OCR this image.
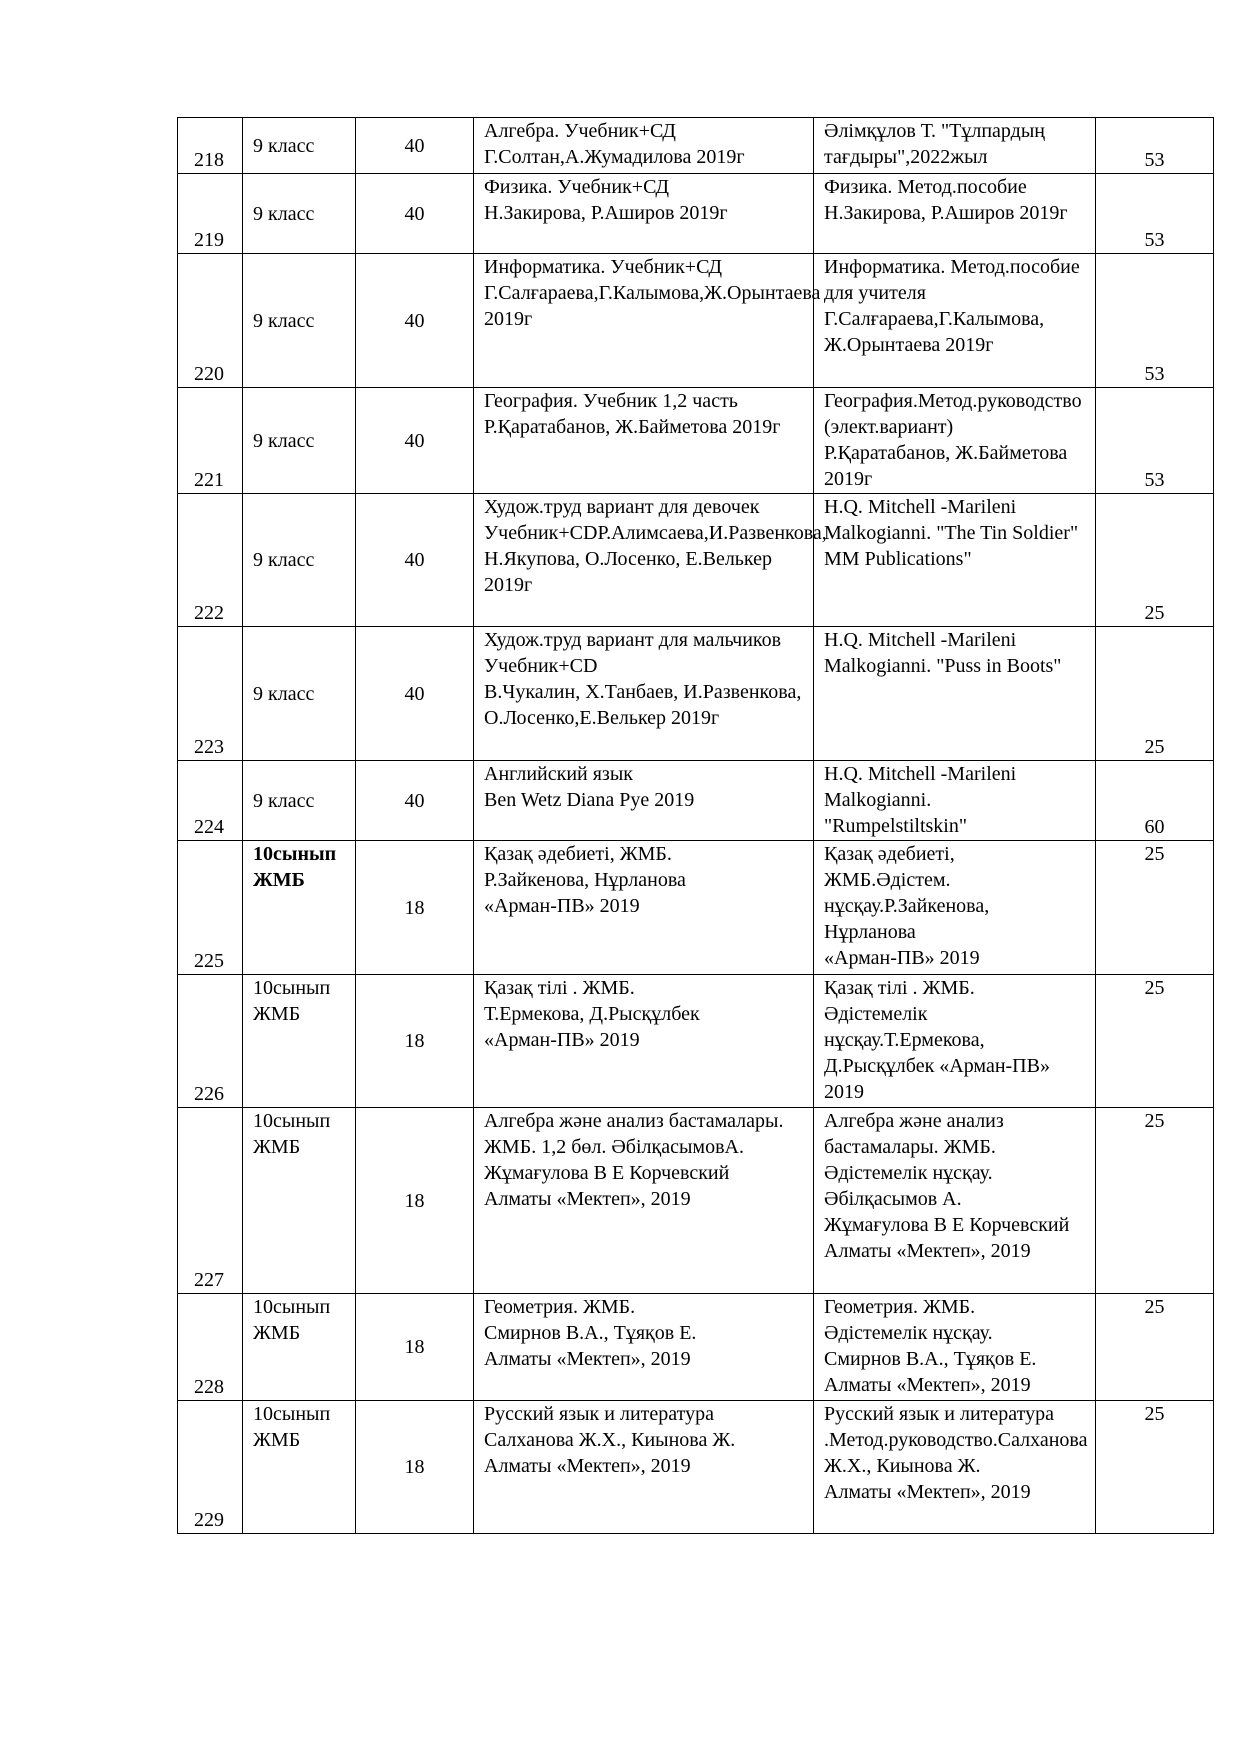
218	9 класс	40	Алгебра. Учебник+СД
Г.Солтан,А.Жумадилова 2019г	Әлімқұлов Т. "Тұлпардың тағдыры",2022жыл	53
219	9 класс	40	Физика. Учебник+СД
Н.Закирова, Р.Аширов 2019г	Физика. Метод.пособие
Н.Закирова, Р.Аширов 2019г	53
220	9 класс	40	Информатика. Учебник+СД
Г.Салғараева,Г.Калымова,Ж.Орынтаева 2019г	Информатика. Метод.пособие для учителя
Г.Салғараева,Г.Калымова, Ж.Орынтаева 2019г	53
221	9 класс	40	География. Учебник 1,2 часть
Р.Қаратабанов, Ж.Байметова 2019г	География.Метод.руководство (элект.вариант)
Р.Қаратабанов, Ж.Байметова 2019г	53
222	9 класс	40	Худож.труд вариант для девочек
Учебник+CDР.Алимсаева,И.Развенкова, Н.Якупова, О.Лосенко, Е.Велькер 2019г	H.Q. Mitchell -Marileni Malkogianni. "The Tin Soldier" MM Publications"	25
223	9 класс	40	Худож.труд вариант для мальчиков Учебник+CD
В.Чукалин, Х.Танбаев, И.Развенкова,
О.Лосенко,Е.Велькер 2019г	H.Q. Mitchell -Marileni Malkogianni. "Puss in Boots"	25
224	9 класс	40	Английский язык
Ben Wetz Diana Pye 2019	H.Q. Mitchell -Marileni Malkogianni.
"Rumpelstiltskin"	60
225	10сынып ЖМБ	18	Қазақ әдебиеті, ЖМБ.
Р.Зайкенова, Нұрланова
«Арман-ПВ» 2019	Қазақ әдебиеті, ЖМБ.Әдістем. нұсқау.Р.Зайкенова, Нұрланова
«Арман-ПВ» 2019	25
226	10сынып ЖМБ	18	Қазақ тілі . ЖМБ.
Т.Ермекова, Д.Рысқұлбек
«Арман-ПВ» 2019	Қазақ тілі . ЖМБ.
Әдістемелік нұсқау.Т.Ермекова, Д.Рысқұлбек «Арман-ПВ» 2019	25
227	10сынып ЖМБ	18	Алгебра және анализ бастамалары. ЖМБ. 1,2 бөл. ӘбілқасымовА.
Жұмағулова В Е Корчевский
Алматы «Мектеп», 2019	Алгебра және анализ бастамалары. ЖМБ. Әдістемелік нұсқау. Әбілқасымов А.
Жұмағулова В Е Корчевский
Алматы «Мектеп», 2019	25
228	10сынып ЖМБ	18	Геометрия. ЖМБ.
Смирнов В.А., Тұяқов Е.
Алматы «Мектеп», 2019	Геометрия. ЖМБ.
Әдістемелік нұсқау.
Смирнов В.А., Тұяқов Е.
Алматы «Мектеп», 2019	25
229	10сынып ЖМБ	18	Русский язык и литература
Салханова Ж.Х., Киынова Ж.
Алматы «Мектеп», 2019	Русский язык и литература
.Метод.руководство.Салханова Ж.Х., Киынова Ж.
Алматы «Мектеп», 2019	25
